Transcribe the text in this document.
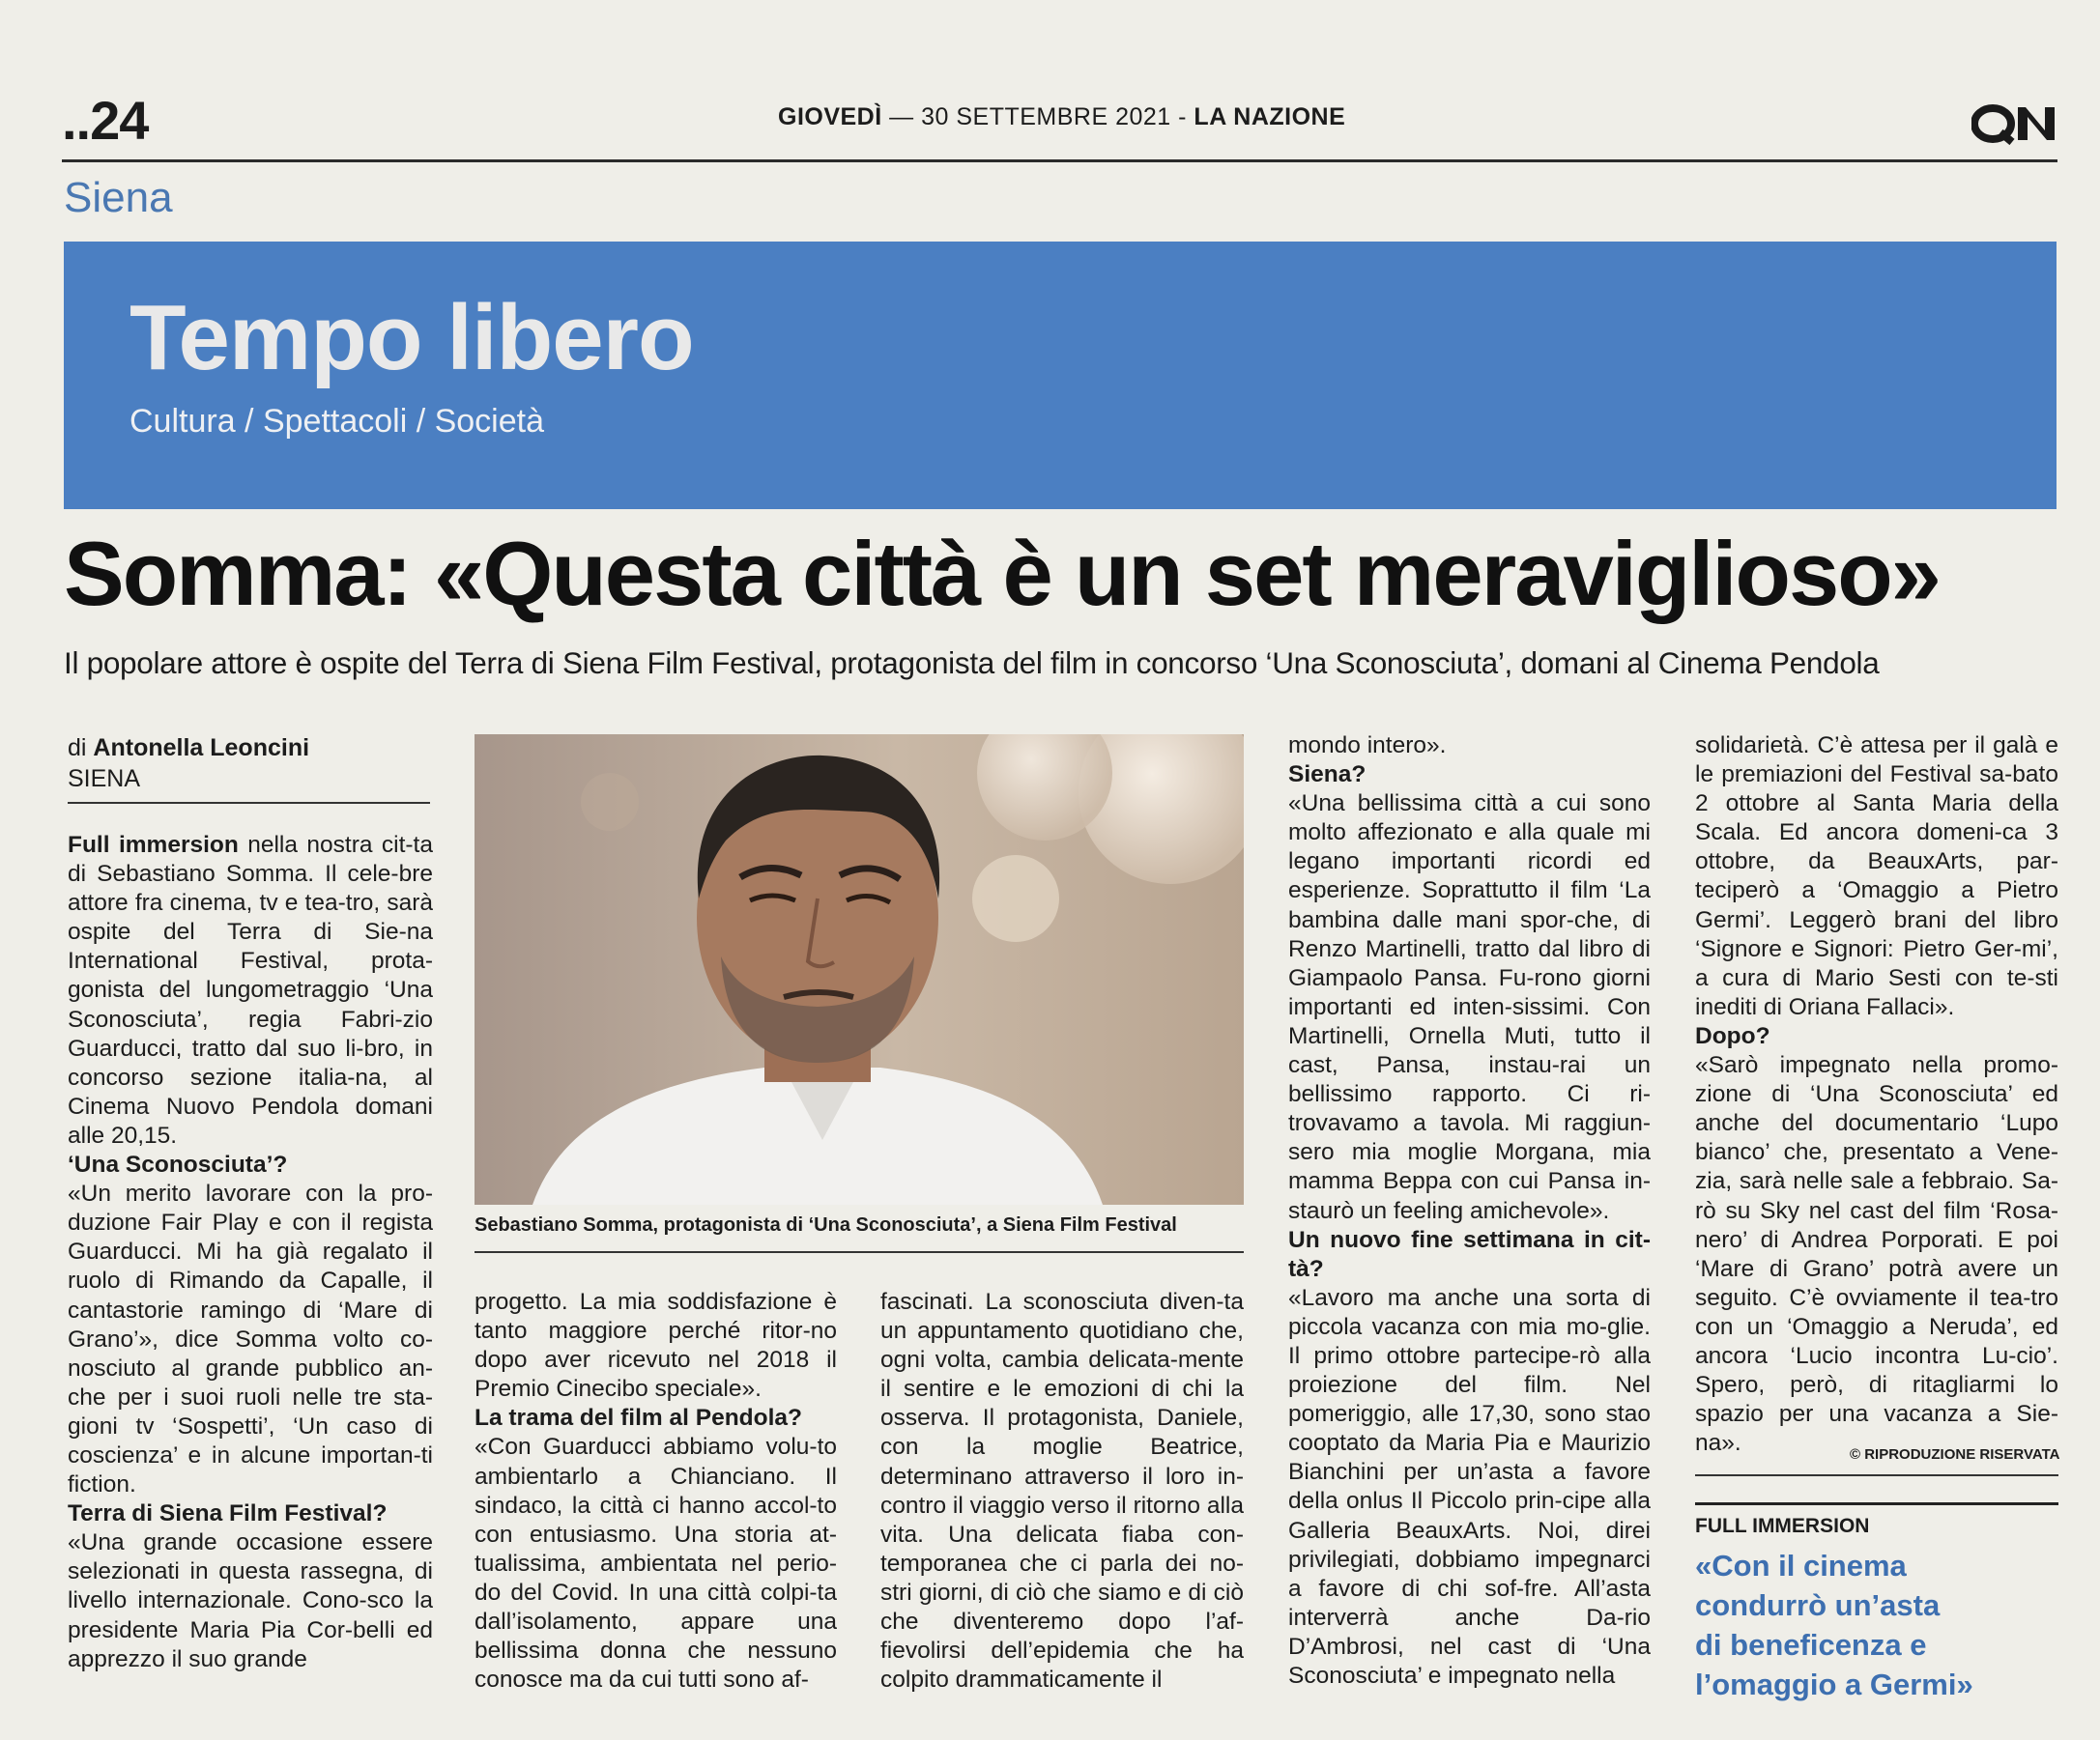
..24	GIOVEDÌ — 30 SETTEMBRE 2021 - LA NAZIONE
Siena
Tempo libero
Cultura / Spettacoli / Società
Somma: «Questa città è un set meraviglioso»
Il popolare attore è ospite del Terra di Siena Film Festival, protagonista del film in concorso ‘Una Sconosciuta’, domani al Cinema Pendola
di Antonella Leoncini
SIENA
Sebastiano Somma, protagonista di ‘Una Sconosciuta’, a Siena Film Festival

Full immersion nella nostra cit-ta di Sebastiano Somma. Il cele-bre attore fra cinema, tv e tea-tro, sarà ospite del Terra di Sie-na International Festival, prota-gonista del lungometraggio ‘Una Sconosciuta’, regia Fabri-zio Guarducci, tratto dal suo li-bro, in concorso sezione italia-na, al Cinema Nuovo Pendola domani alle 20,15.

‘Una Sconosciuta’?

«Un merito lavorare con la pro-duzione Fair Play e con il regista Guarducci. Mi ha già regalato il ruolo di Rimando da Capalle, il cantastorie ramingo di ‘Mare di Grano’», dice Somma volto co-nosciuto al grande pubblico an-che per i suoi ruoli nelle tre sta-gioni tv ‘Sospetti’, ‘Un caso di coscienza’ e in alcune importan-ti fiction.

Terra di Siena Film Festival?

«Una grande occasione essere selezionati in questa rassegna, di livello internazionale. Cono-sco la presidente Maria Pia Cor-belli ed apprezzo il suo grande

progetto. La mia soddisfazione è tanto maggiore perché ritor-no dopo aver ricevuto nel 2018 il Premio Cinecibo speciale».

La trama del film al Pendola?

«Con Guarducci abbiamo volu-to ambientarlo a Chianciano. Il sindaco, la città ci hanno accol-to con entusiasmo. Una storia at-tualissima, ambientata nel perio-do del Covid. In una città colpi-ta dall’isolamento, appare una bellissima donna che nessuno conosce ma da cui tutti sono af-

fascinati. La sconosciuta diven-ta un appuntamento quotidiano che, ogni volta, cambia delicata-mente il sentire e le emozioni di chi la osserva. Il protagonista, Daniele, con la moglie Beatrice, determinano attraverso il loro in-contro il viaggio verso il ritorno alla vita. Una delicata fiaba con-temporanea che ci parla dei no-stri giorni, di ciò che siamo e di ciò che diventeremo dopo l’af-fievolirsi dell’epidemia che ha colpito drammaticamente il

mondo intero».

Siena?

«Una bellissima città a cui sono molto affezionato e alla quale mi legano importanti ricordi ed esperienze. Soprattutto il film ‘La bambina dalle mani spor-che, di Renzo Martinelli, tratto dal libro di Giampaolo Pansa. Fu-rono giorni importanti ed inten-sissimi. Con Martinelli, Ornella Muti, tutto il cast, Pansa, instau-rai un bellissimo rapporto. Ci ri-trovavamo a tavola. Mi raggiun-sero mia moglie Morgana, mia mamma Beppa con cui Pansa in-staurò un feeling amichevole».

Un nuovo fine settimana in cit-tà?

«Lavoro ma anche una sorta di piccola vacanza con mia mo-glie. Il primo ottobre partecipe-rò alla proiezione del film. Nel pomeriggio, alle 17,30, sono stao cooptato da Maria Pia e Maurizio Bianchini per un’asta a favore della onlus Il Piccolo prin-cipe alla Galleria BeauxArts. Noi, direi privilegiati, dobbiamo impegnarci a favore di chi sof-fre. All’asta interverrà anche Da-rio D’Ambrosi, nel cast di ‘Una Sconosciuta’ e impegnato nella

solidarietà. C’è attesa per il galà e le premiazioni del Festival sa-bato 2 ottobre al Santa Maria della Scala. Ed ancora domeni-ca 3 ottobre, da BeauxArts, par-teciperò a ‘Omaggio a Pietro Germi’. Leggerò brani del libro ‘Signore e Signori: Pietro Ger-mi’, a cura di Mario Sesti con te-sti inediti di Oriana Fallaci».

Dopo?

«Sarò impegnato nella promo-zione di ‘Una Sconosciuta’ ed anche del documentario ‘Lupo bianco’ che, presentato a Vene-zia, sarà nelle sale a febbraio. Sa-rò su Sky nel cast del film ‘Rosa-nero’ di Andrea Porporati. E poi ‘Mare di Grano’ potrà avere un seguito. C’è ovviamente il tea-tro con un ‘Omaggio a Neruda’, ed ancora ‘Lucio incontra Lu-cio’. Spero, però, di ritagliarmi lo spazio per una vacanza a Sie-na».	© RIPRODUZIONE RISERVATA
FULL IMMERSION
«Con il cinema
condurrò un’asta
di beneficenza e
l’omaggio a Germi»
